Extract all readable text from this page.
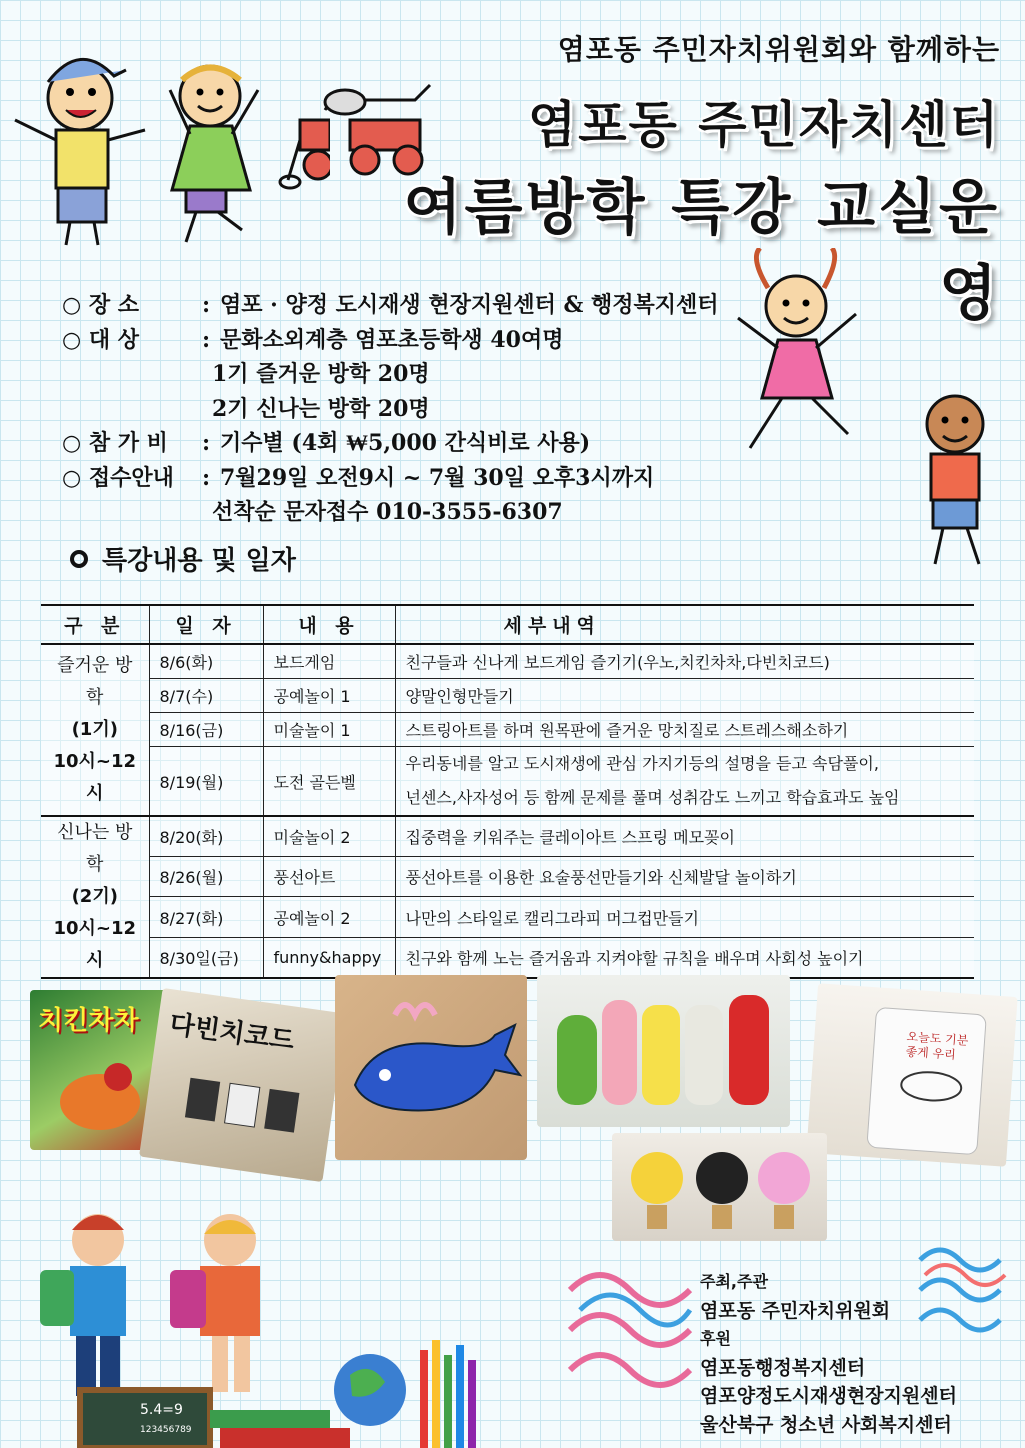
염포동 주민자치위원회와 함께하는
염포동 주민자치센터
여름방학 특강 교실운영
○ 장 소	: 염포 · 양정 도시재생 현장지원센터 & 행정복지센터
○ 대 상	: 문화소외계층 염포초등학생 40여명
1기 즐거운 방학 20명
2기 신나는 방학 20명
○ 참 가 비	: 기수별 (4회 ₩5,000 간식비로 사용)
○ 접수안내	: 7월29일 오전9시 ~ 7월 30일 오후3시까지
선착순 문자접수 010-3555-6307
특강내용 및 일자
구 분	일 자	내 용	세부내역

즐거운 방학
(1기)
10시~12시	8/6(화)	보드게임	친구들과 신나게 보드게임 즐기기(우노,치킨차차,다빈치코드)
	8/7(수)	공예놀이 1	양말인형만들기
	8/16(금)	미술놀이 1	스트링아트를 하며 원목판에 즐거운 망치질로 스트레스해소하기
	8/19(월)	도전 골든벨	우리동네를 알고 도시재생에 관심 가지기등의 설명을 듣고 속담풀이,
넌센스,사자성어 등 함께 문제를 풀며 성취감도 느끼고 학습효과도 높임

신나는 방학
(2기)
10시~12시	8/20(화)	미술놀이 2	집중력을 키워주는 클레이아트 스프링 메모꽂이
	8/26(월)	풍선아트	풍선아트를 이용한 요술풍선만들기와 신체발달 놀이하기
	8/27(화)	공예놀이 2	나만의 스타일로 캘리그라피 머그컵만들기
	8/30일(금)	funny&happy	친구와 함께 노는 즐거움과 지켜야할 규칙을 배우며 사회성 높이기
치킨차차	다빈치코드	오늘도 기분좋게 우리
5.4=9
123456789
주최,주관
염포동 주민자치위원회
후원
염포동행정복지센터
염포양정도시재생현장지원센터
울산북구 청소년 사회복지센터
